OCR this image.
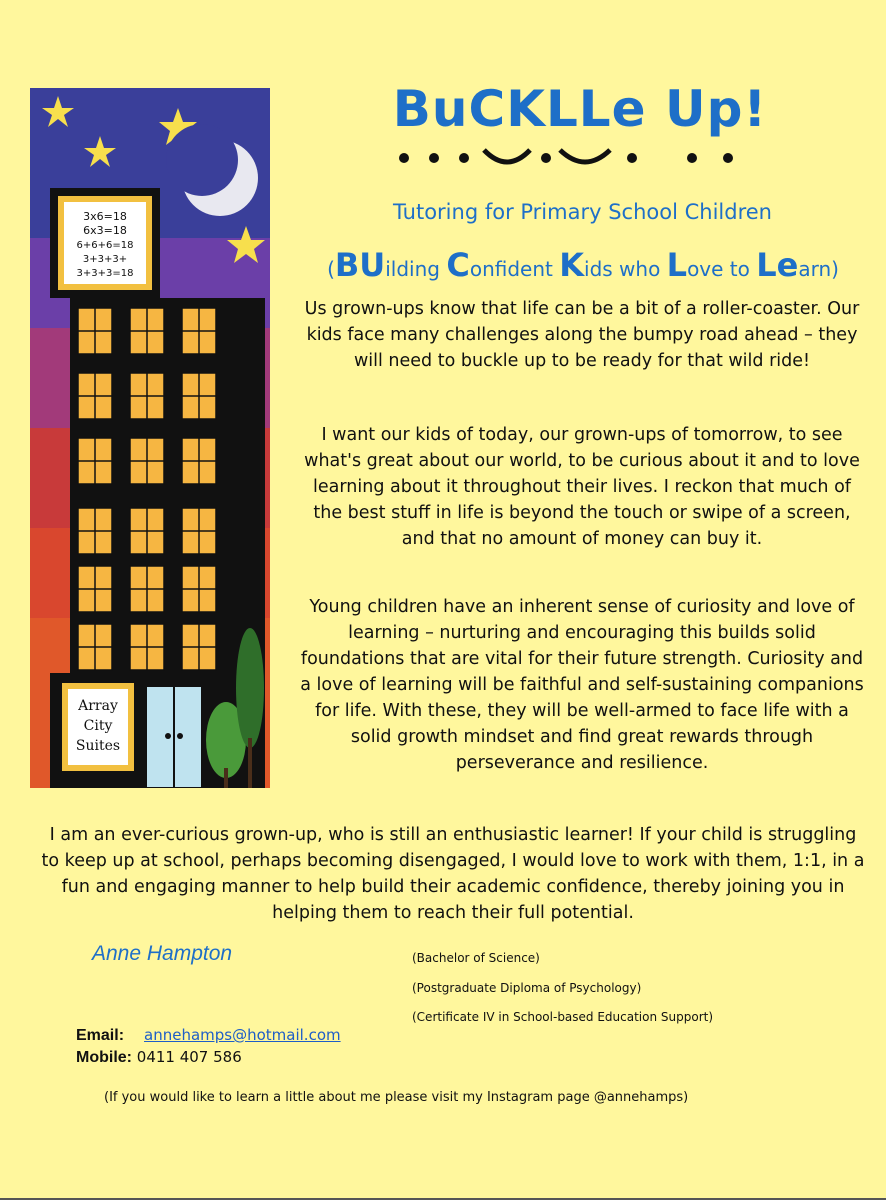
3x6=18
6x3=18
6+6+6=18
3+3+3+
3+3+3=18
Array
City
Suites
BuCKLLe Up!
Tutoring for Primary School Children
(BUilding Confident Kids who Love to Learn)
Us grown-ups know that life can be a bit of a roller-coaster. Our kids face many challenges along the bumpy road ahead – they will need to buckle up to be ready for that wild ride!
I want our kids of today, our grown-ups of tomorrow, to see what's great about our world, to be curious about it and to love learning about it throughout their lives. I reckon that much of the best stuff in life is beyond the touch or swipe of a screen, and that no amount of money can buy it.
Young children have an inherent sense of curiosity and love of learning – nurturing and encouraging this builds solid foundations that are vital for their future strength. Curiosity and a love of learning will be faithful and self-sustaining companions for life. With these, they will be well-armed to face life with a solid growth mindset and find great rewards through perseverance and resilience.
I am an ever-curious grown-up, who is still an enthusiastic learner! If your child is struggling to keep up at school, perhaps becoming disengaged, I would love to work with them, 1:1, in a fun and engaging manner to help build their academic confidence, thereby joining you in helping them to reach their full potential.
Anne Hampton	(Bachelor of Science)
(Postgraduate Diploma of Psychology)
(Certificate IV in School-based Education Support)
Email: annehamps@hotmail.com
Mobile: 0411 407 586
(If you would like to learn a little about me please visit my Instagram page @annehamps)
